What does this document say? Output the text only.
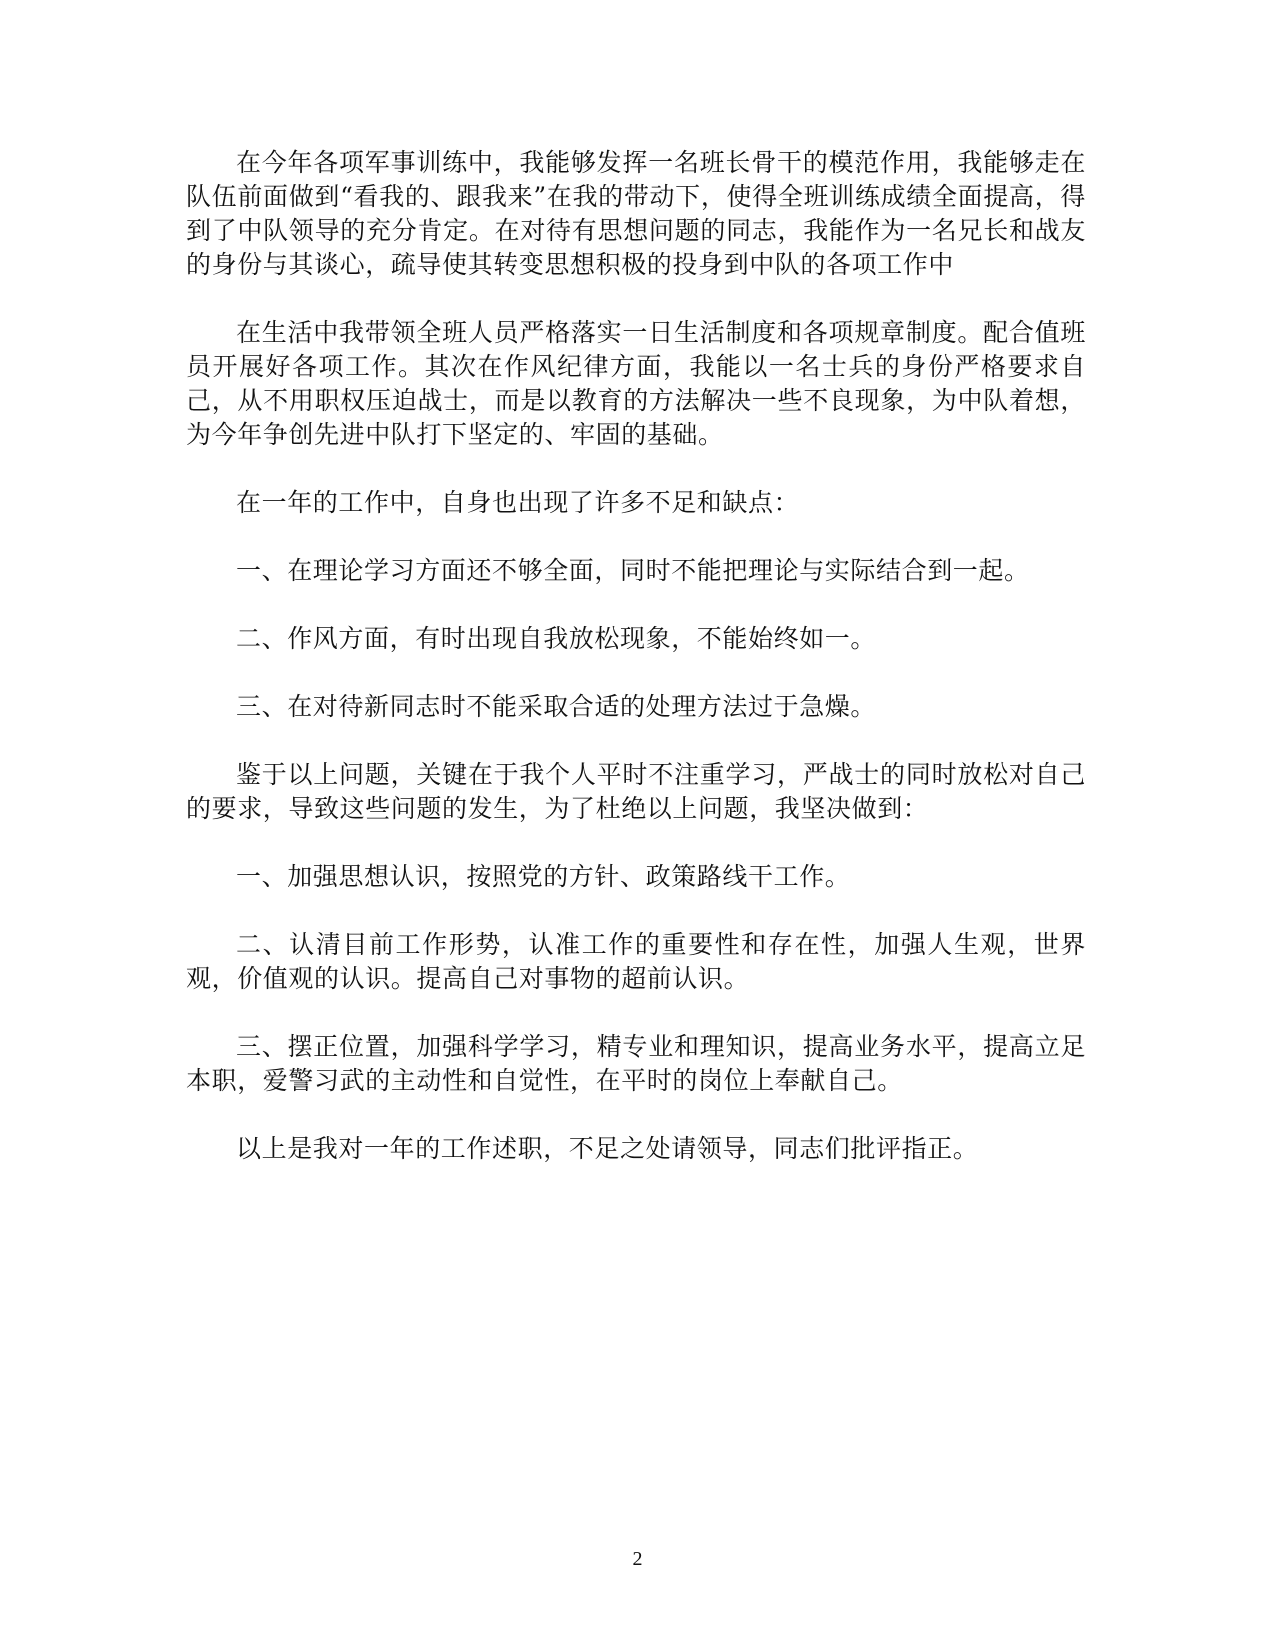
在今年各项军事训练中，我能够发挥一名班长骨干的模范作用，我能够走在队伍前面做到“看我的、跟我来”在我的带动下，使得全班训练成绩全面提高，得到了中队领导的充分肯定。在对待有思想问题的同志，我能作为一名兄长和战友的身份与其谈心，疏导使其转变思想积极的投身到中队的各项工作中

在生活中我带领全班人员严格落实一日生活制度和各项规章制度。配合值班员开展好各项工作。其次在作风纪律方面，我能以一名士兵的身份严格要求自己，从不用职权压迫战士，而是以教育的方法解决一些不良现象，为中队着想，为今年争创先进中队打下坚定的、牢固的基础。

在一年的工作中，自身也出现了许多不足和缺点：

一、在理论学习方面还不够全面，同时不能把理论与实际结合到一起。

二、作风方面，有时出现自我放松现象，不能始终如一。

三、在对待新同志时不能采取合适的处理方法过于急燥。

鉴于以上问题，关键在于我个人平时不注重学习，严战士的同时放松对自己的要求，导致这些问题的发生，为了杜绝以上问题，我坚决做到：

一、加强思想认识，按照党的方针、政策路线干工作。

二、认清目前工作形势，认准工作的重要性和存在性，加强人生观，世界观，价值观的认识。提高自己对事物的超前认识。

三、摆正位置，加强科学学习，精专业和理知识，提高业务水平，提高立足本职，爱警习武的主动性和自觉性，在平时的岗位上奉献自己。

以上是我对一年的工作述职，不足之处请领导，同志们批评指正。

2
